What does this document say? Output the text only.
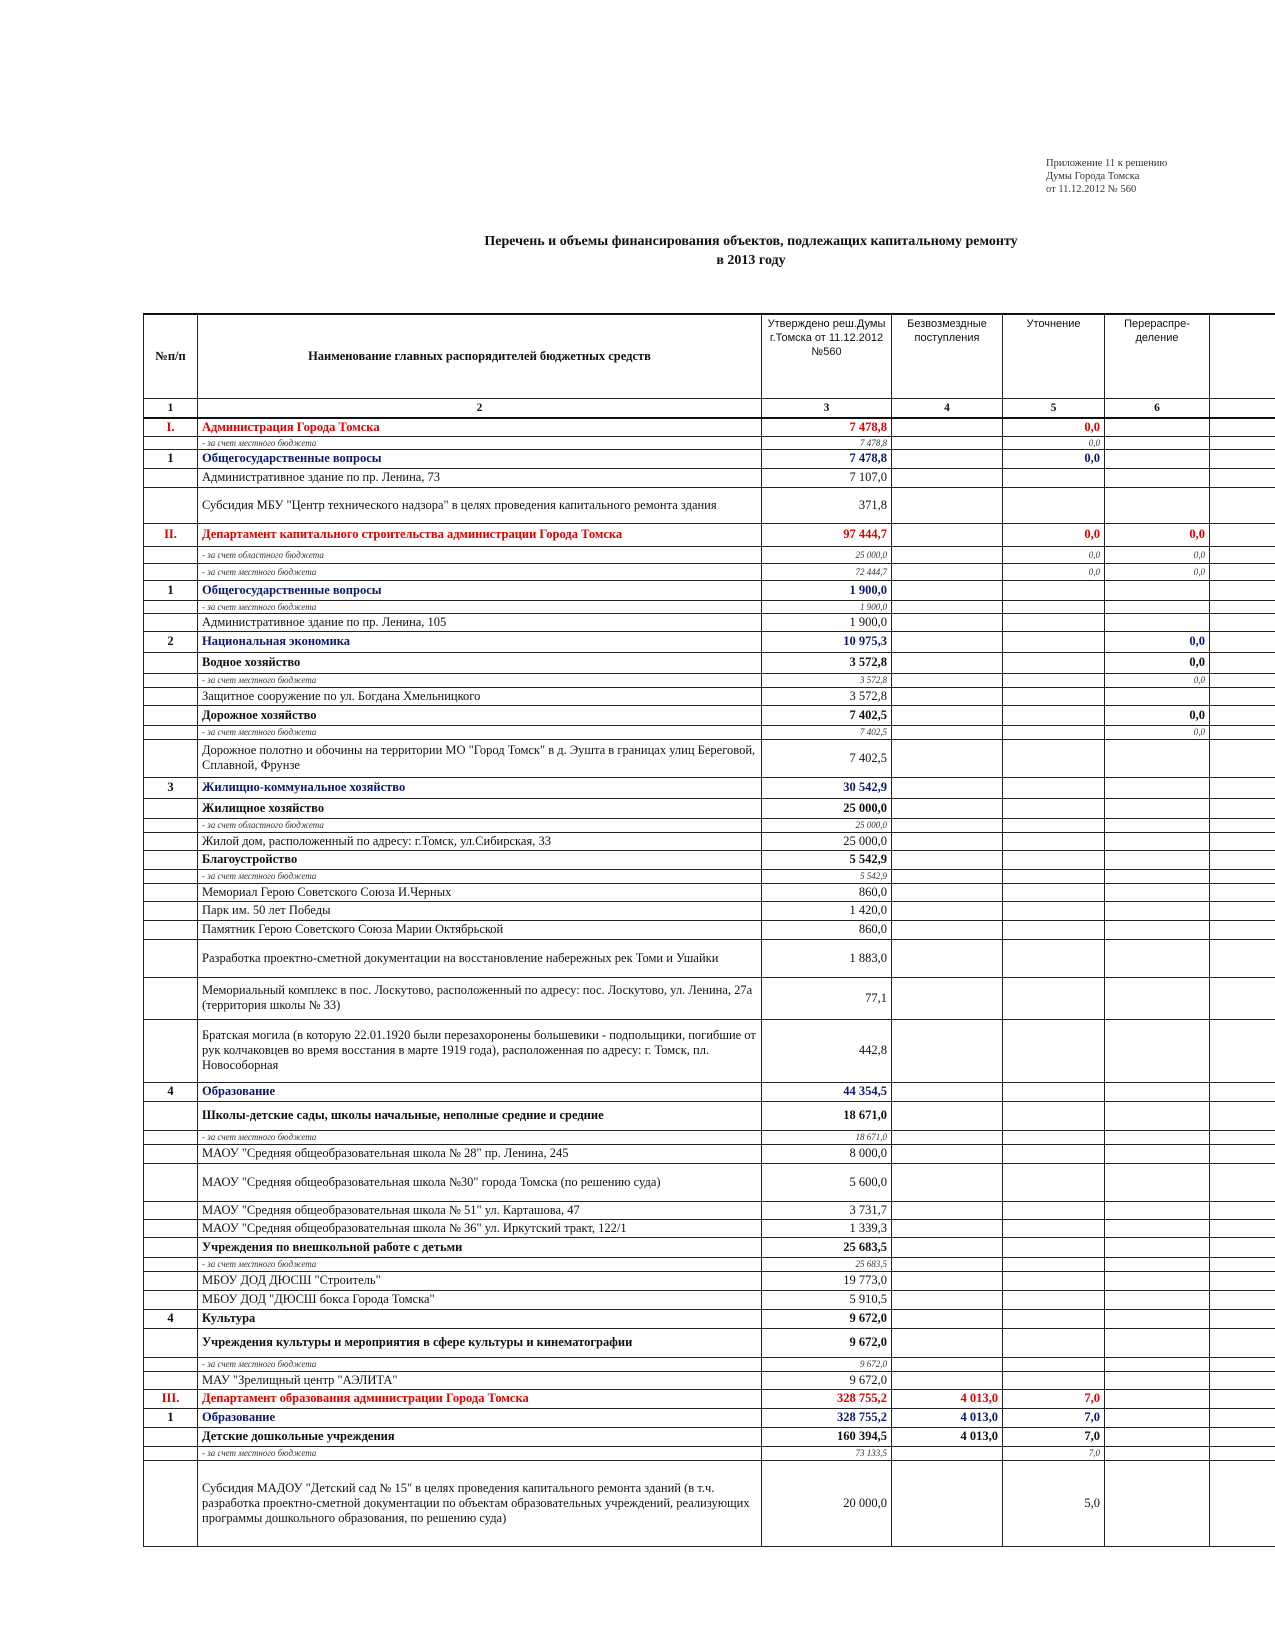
Приложение 11 к решению
Думы Города Томска
от 11.12.2012 № 560
Перечень и объемы финансирования объектов, подлежащих капитальному ремонту
в 2013 году
№п/п	Наименование главных распорядителей бюджетных средств	Утверждено реш.Думы г.Томска от 11.12.2012 №560	Безвозмездные поступления	Уточнение	Перераспре-деление	
1	2	3	4	5	6	
I.	Администрация Города Томска	7 478,8		0,0		
	- за счет местного бюджета	7 478,8		0,0		
1	Общегосударственные вопросы	7 478,8		0,0		
	Административное здание по пр. Ленина, 73	7 107,0				
	Субсидия МБУ "Центр технического надзора" в целях проведения капитального ремонта здания	371,8				
II.	Департамент капитального строительства администрации Города Томска	97 444,7		0,0	0,0	
	- за счет областного бюджета	25 000,0		0,0	0,0	
	- за счет местного бюджета	72 444,7		0,0	0,0	
1	Общегосударственные вопросы	1 900,0				
	- за счет местного бюджета	1 900,0				
	Административное здание по пр. Ленина, 105	1 900,0				
2	Национальная экономика	10 975,3			0,0	
	Водное хозяйство	3 572,8			0,0	
	- за счет местного бюджета	3 572,8			0,0	
	Защитное сооружение по ул. Богдана Хмельницкого	3 572,8				
	Дорожное хозяйство	7 402,5			0,0	
	- за счет местного бюджета	7 402,5			0,0	
	Дорожное полотно и обочины на территории МО "Город Томск" в д. Эушта в границах улиц Береговой, Сплавной, Фрунзе	7 402,5				
3	Жилищно-коммунальное хозяйство	30 542,9				
	Жилищное хозяйство	25 000,0				
	- за счет областного бюджета	25 000,0				
	Жилой дом, расположенный по адресу: г.Томск, ул.Сибирская, 33	25 000,0				
	Благоустройство	5 542,9				
	- за счет местного бюджета	5 542,9				
	Мемориал Герою Советского Союза И.Черных	860,0				
	Парк им. 50 лет Победы	1 420,0				
	Памятник Герою Советского Союза Марии Октябрьской	860,0				
	Разработка проектно-сметной документации на восстановление набережных рек Томи и Ушайки	1 883,0				
	Мемориальный комплекс в пос. Лоскутово, расположенный по адресу: пос. Лоскутово, ул. Ленина, 27а (территория школы № 33)	77,1				
	Братская могила (в которую 22.01.1920 были перезахоронены большевики - подпольщики, погибшие от рук колчаковцев во время восстания в марте 1919 года), расположенная по адресу: г. Томск, пл. Новособорная	442,8				
4	Образование	44 354,5				
	Школы-детские сады, школы начальные, неполные средние и средние	18 671,0				
	- за счет местного бюджета	18 671,0				
	МАОУ "Средняя общеобразовательная школа № 28" пр. Ленина, 245	8 000,0				
	МАОУ "Средняя общеобразовательная школа №30" города Томска (по решению суда)	5 600,0				
	МАОУ "Средняя общеобразовательная школа № 51" ул. Карташова, 47	3 731,7				
	МАОУ "Средняя общеобразовательная школа № 36" ул. Иркутский тракт, 122/1	1 339,3				
	Учреждения по внешкольной работе с детьми	25 683,5				
	- за счет местного бюджета	25 683,5				
	МБОУ ДОД ДЮСШ "Строитель"	19 773,0				
	МБОУ ДОД "ДЮСШ бокса Города Томска"	5 910,5				
4	Культура	9 672,0				
	Учреждения культуры и мероприятия в сфере культуры и кинематографии	9 672,0				
	- за счет местного бюджета	9 672,0				
	МАУ "Зрелищный центр "АЭЛИТА"	9 672,0				
III.	Департамент образования администрации Города Томска	328 755,2	4 013,0	7,0		
1	Образование	328 755,2	4 013,0	7,0		
	Детские дошкольные учреждения	160 394,5	4 013,0	7,0		
	- за счет местного бюджета	73 133,5		7,0		
	Субсидия МАДОУ "Детский сад № 15" в целях проведения капитального ремонта зданий (в т.ч. разработка проектно-сметной документации по объектам образовательных учреждений, реализующих программы дошкольного образования, по решению суда)	20 000,0		5,0		
